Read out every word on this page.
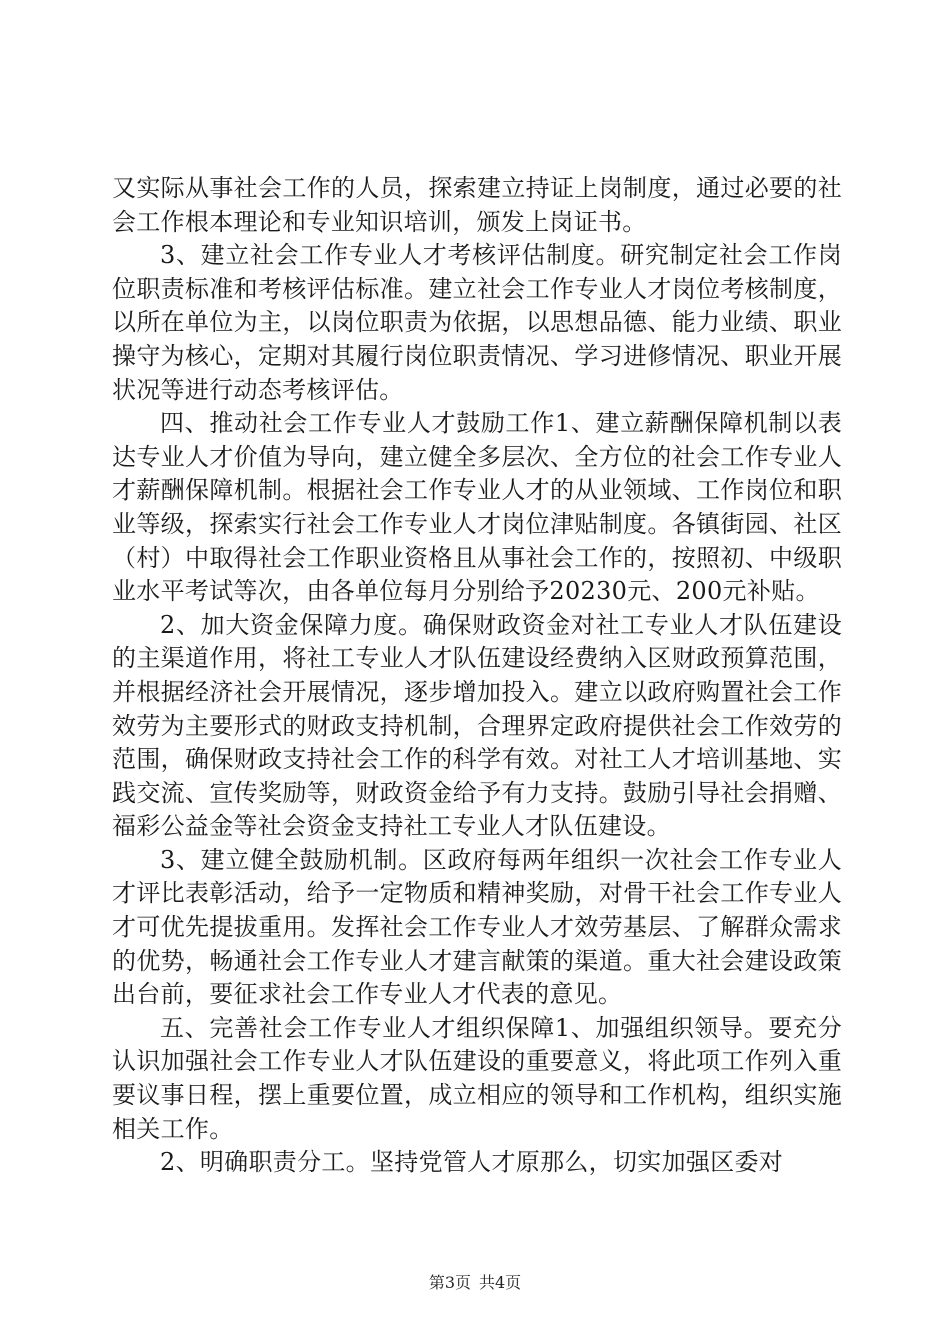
又实际从事社会工作的人员，探索建立持证上岗制度，通过必要的社会工作根本理论和专业知识培训，颁发上岗证书。

3、建立社会工作专业人才考核评估制度。研究制定社会工作岗位职责标准和考核评估标准。建立社会工作专业人才岗位考核制度，以所在单位为主，以岗位职责为依据，以思想品德、能力业绩、职业操守为核心，定期对其履行岗位职责情况、学习进修情况、职业开展状况等进行动态考核评估。

四、推动社会工作专业人才鼓励工作1、建立薪酬保障机制以表达专业人才价值为导向，建立健全多层次、全方位的社会工作专业人才薪酬保障机制。根据社会工作专业人才的从业领域、工作岗位和职业等级，探索实行社会工作专业人才岗位津贴制度。各镇街园、社区（村）中取得社会工作职业资格且从事社会工作的，按照初、中级职业水平考试等次，由各单位每月分别给予20230元、200元补贴。

2、加大资金保障力度。确保财政资金对社工专业人才队伍建设的主渠道作用，将社工专业人才队伍建设经费纳入区财政预算范围，并根据经济社会开展情况，逐步增加投入。建立以政府购置社会工作效劳为主要形式的财政支持机制，合理界定政府提供社会工作效劳的范围，确保财政支持社会工作的科学有效。对社工人才培训基地、实践交流、宣传奖励等，财政资金给予有力支持。鼓励引导社会捐赠、福彩公益金等社会资金支持社工专业人才队伍建设。

3、建立健全鼓励机制。区政府每两年组织一次社会工作专业人才评比表彰活动，给予一定物质和精神奖励，对骨干社会工作专业人才可优先提拔重用。发挥社会工作专业人才效劳基层、了解群众需求的优势，畅通社会工作专业人才建言献策的渠道。重大社会建设政策出台前，要征求社会工作专业人才代表的意见。

五、完善社会工作专业人才组织保障1、加强组织领导。要充分认识加强社会工作专业人才队伍建设的重要意义，将此项工作列入重要议事日程，摆上重要位置，成立相应的领导和工作机构，组织实施相关工作。

2、明确职责分工。坚持党管人才原那么，切实加强区委对

第3页 共4页
